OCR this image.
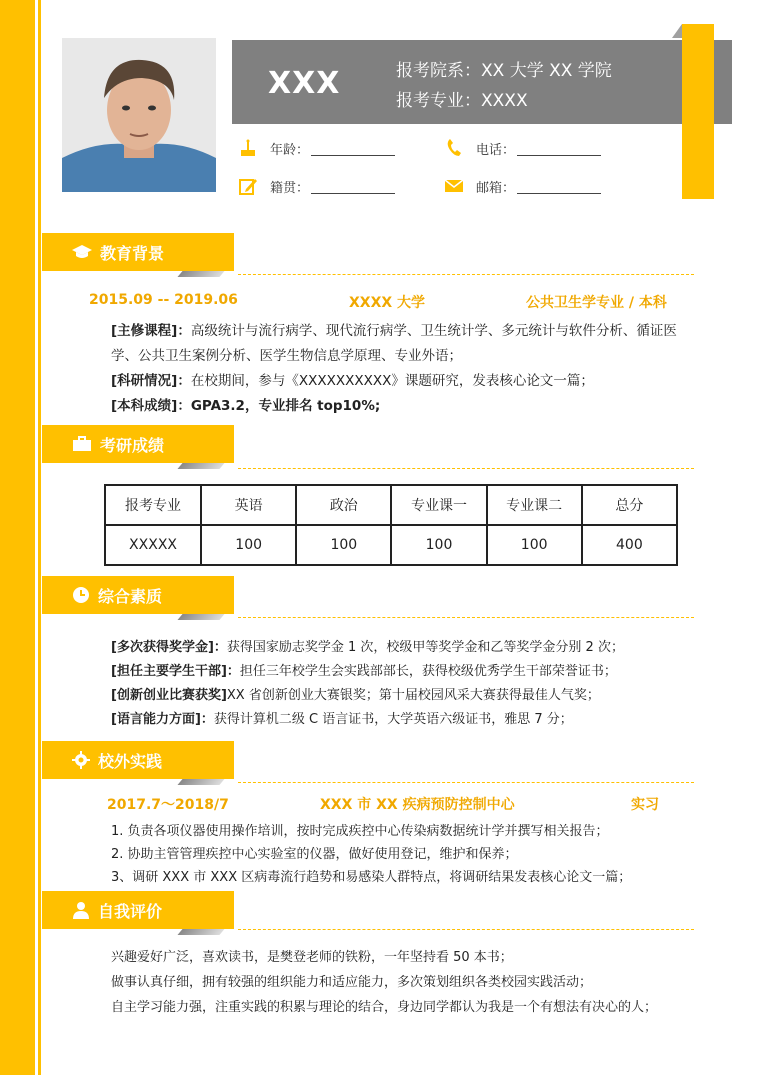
XXX	报考院系：XX 大学 XX 学院
报考专业：XXXX
年龄：	电话：
籍贯：	邮箱：
教育背景
2015.09 -- 2019.06	XXXX 大学	公共卫生学专业 / 本科
[主修课程]：高级统计与流行病学、现代流行病学、卫生统计学、多元统计与软件分析、循证医学、公共卫生案例分析、医学生物信息学原理、专业外语；
[科研情况]：在校期间，参与《XXXXXXXXXX》课题研究，发表核心论文一篇；
[本科成绩]：GPA3.2，专业排名 top10%;
考研成绩
报考专业	英语	政治	专业课一	专业课二	总分
XXXXX	100	100	100	100	400
综合素质
[多次获得奖学金]：获得国家励志奖学金 1 次，校级甲等奖学金和乙等奖学金分别 2 次；
[担任主要学生干部]：担任三年校学生会实践部部长，获得校级优秀学生干部荣誉证书；
[创新创业比赛获奖]XX 省创新创业大赛银奖；第十届校园风采大赛获得最佳人气奖；
[语言能力方面]：获得计算机二级 C 语言证书，大学英语六级证书，雅思 7 分；
校外实践
2017.7～2018/7	XXX 市 XX 疾病预防控制中心	实习
1. 负责各项仪器使用操作培训，按时完成疾控中心传染病数据统计学并撰写相关报告；
2. 协助主管管理疾控中心实验室的仪器，做好使用登记，维护和保养；
3、调研 XXX 市 XXX 区病毒流行趋势和易感染人群特点，将调研结果发表核心论文一篇；
自我评价
兴趣爱好广泛，喜欢读书，是樊登老师的铁粉，一年坚持看 50 本书；
做事认真仔细，拥有较强的组织能力和适应能力，多次策划组织各类校园实践活动；
自主学习能力强，注重实践的积累与理论的结合，身边同学都认为我是一个有想法有决心的人；
